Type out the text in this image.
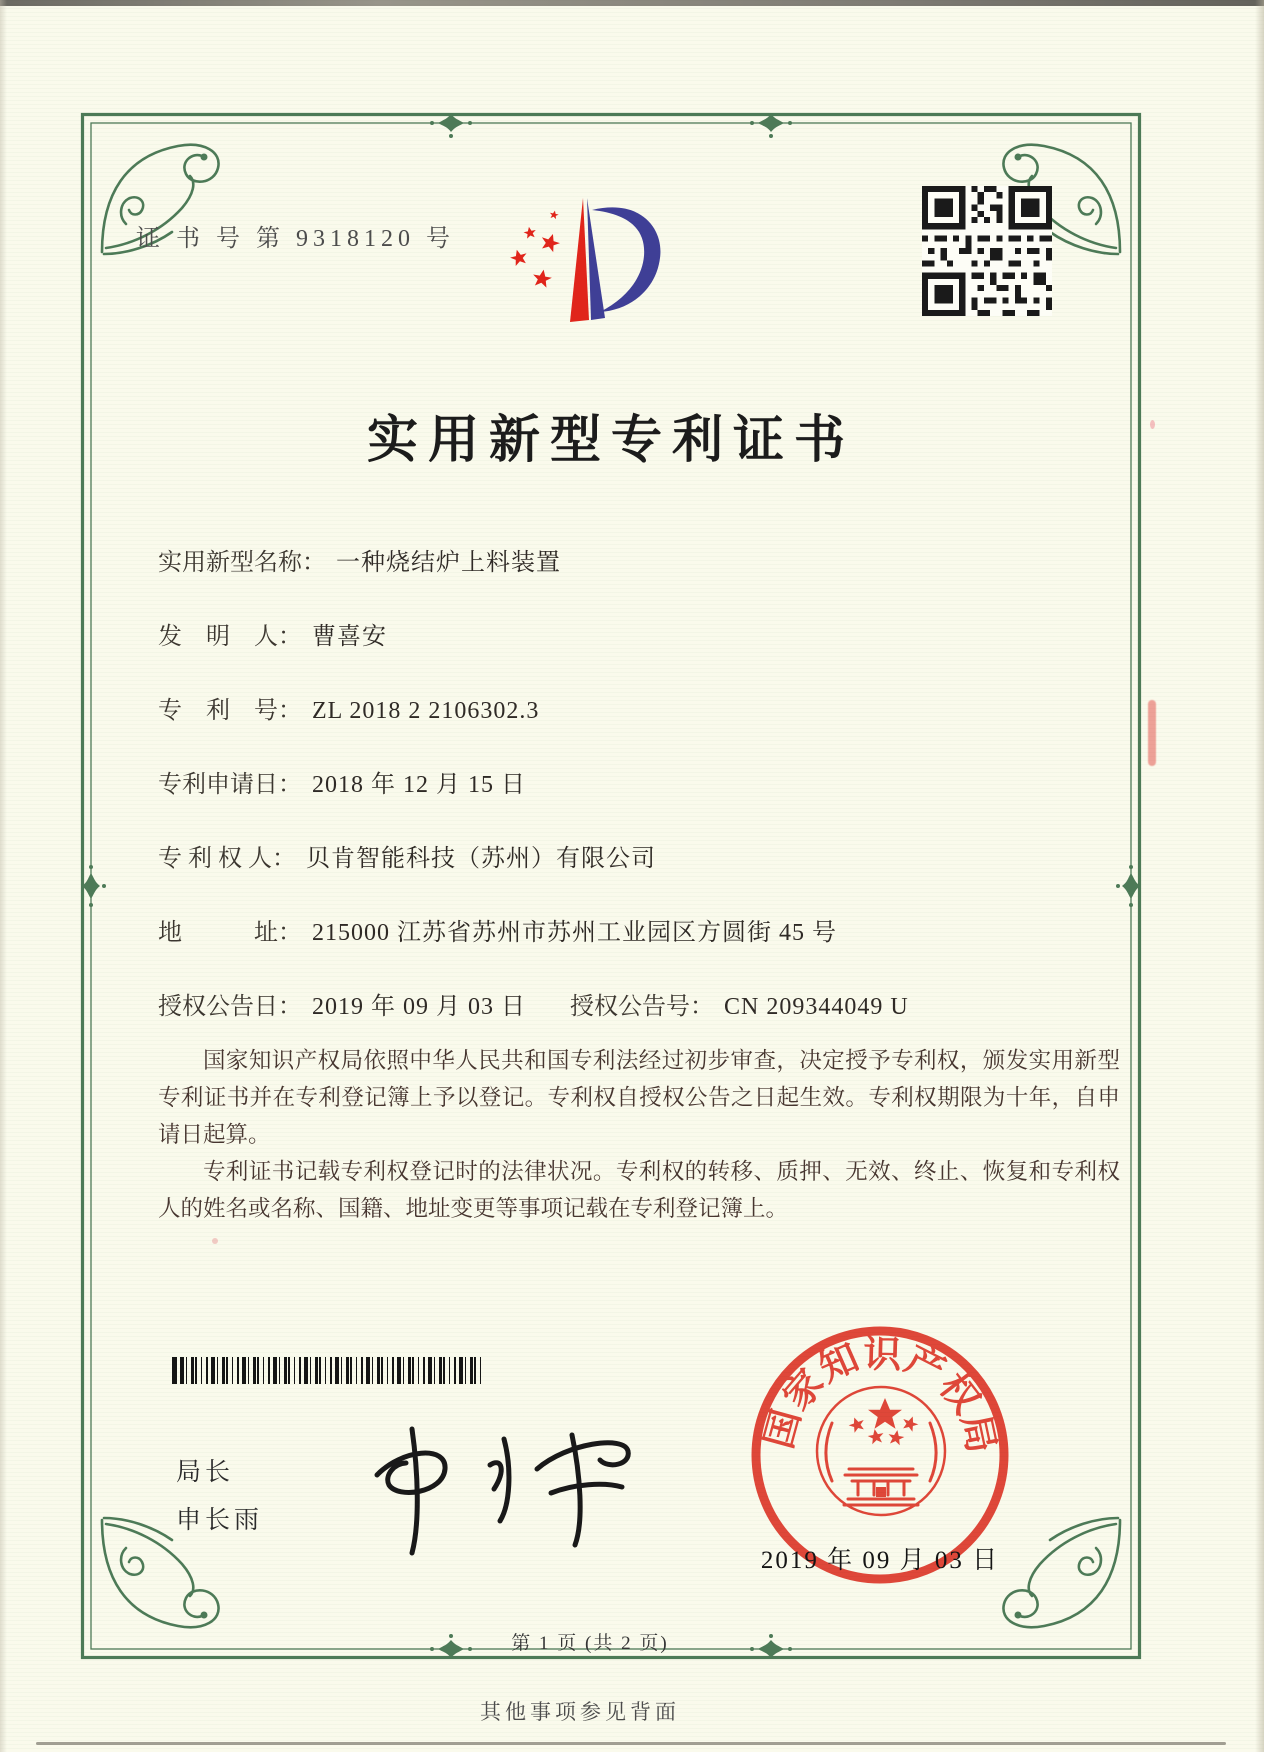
证 书 号 第 9318120 号
实用新型专利证书
实用新型名称： 一种烧结炉上料装置
发　明　人： 曹喜安
专　利　号： ZL 2018 2 2106302.3
专利申请日： 2018 年 12 月 15 日
专 利 权 人： 贝肯智能科技（苏州）有限公司
地　　　址： 215000 江苏省苏州市苏州工业园区方圆街 45 号
授权公告日： 2019 年 09 月 03 日 授权公告号： CN 209344049 U

国家知识产权局依照中华人民共和国专利法经过初步审查，决定授予专利权，颁发实用新型专利证书并在专利登记簿上予以登记。专利权自授权公告之日起生效。专利权期限为十年，自申请日起算。

专利证书记载专利权登记时的法律状况。专利权的转移、质押、无效、终止、恢复和专利权人的姓名或名称、国籍、地址变更等事项记载在专利登记簿上。

局长
申长雨
国家知识产权局
2019 年 09 月 03 日
第 1 页 (共 2 页)
其他事项参见背面
